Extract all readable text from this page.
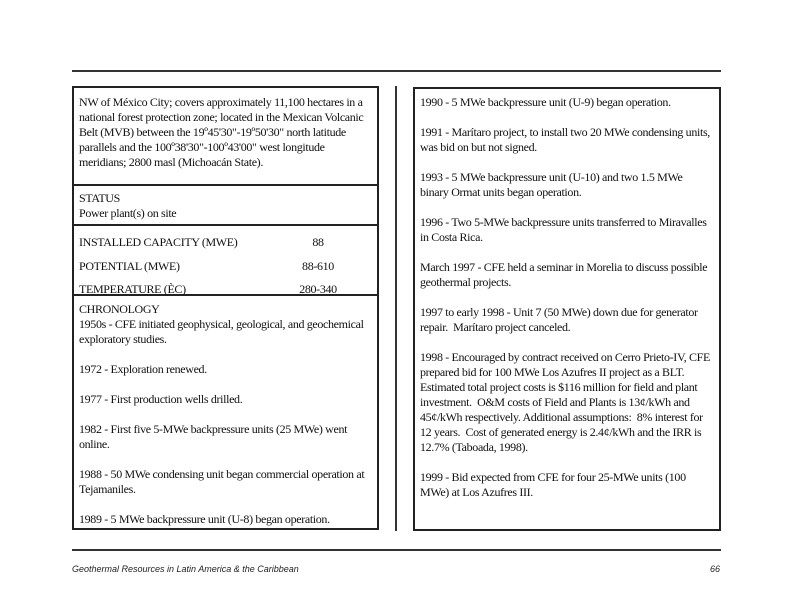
NW of México City; covers approximately 11,100 hectares in a national forest protection zone; located in the Mexican Volcanic Belt (MVB) between the 19º45'30"-19º50'30" north latitude parallels and the 100º38'30"-100º43'00" west longitude meridians; 2800 masl (Michoacán State).
STATUS
Power plant(s) on site
INSTALLED CAPACITY (MWE)	88
POTENTIAL (MWE)	88-610
TEMPERATURE (ÈC)	280-340
CHRONOLOGY
1950s - CFE initiated geophysical, geological, and geochemical exploratory studies.
1972 - Exploration renewed.
1977 - First production wells drilled.
1982 - First five 5-MWe backpressure units (25 MWe) went online.
1988 - 50 MWe condensing unit began commercial operation at Tejamaniles.
1989 - 5 MWe backpressure unit (U-8) began operation.
1990 - 5 MWe backpressure unit (U-9) began operation.
1991 - Marítaro project, to install two 20 MWe condensing units, was bid on but not signed.
1993 - 5 MWe backpressure unit (U-10) and two 1.5 MWe binary Ormat units began operation.
1996 - Two 5-MWe backpressure units transferred to Miravalles in Costa Rica.
March 1997 - CFE held a seminar in Morelia to discuss possible geothermal projects.
1997 to early 1998 - Unit 7 (50 MWe) down due for generator repair.  Marítaro project canceled.
1998 - Encouraged by contract received on Cerro Prieto-IV, CFE prepared bid for 100 MWe Los Azufres II project as a BLT.  Estimated total project costs is $116 million for field and plant investment.  O&M costs of Field and Plants is 13¢/kWh and 45¢/kWh respectively. Additional assumptions:  8% interest for 12 years.  Cost of generated energy is 2.4¢/kWh and the IRR is 12.7% (Taboada, 1998).
1999 - Bid expected from CFE for four 25-MWe units (100 MWe) at Los Azufres III.
Geothermal Resources in Latin America & the Caribbean	66
